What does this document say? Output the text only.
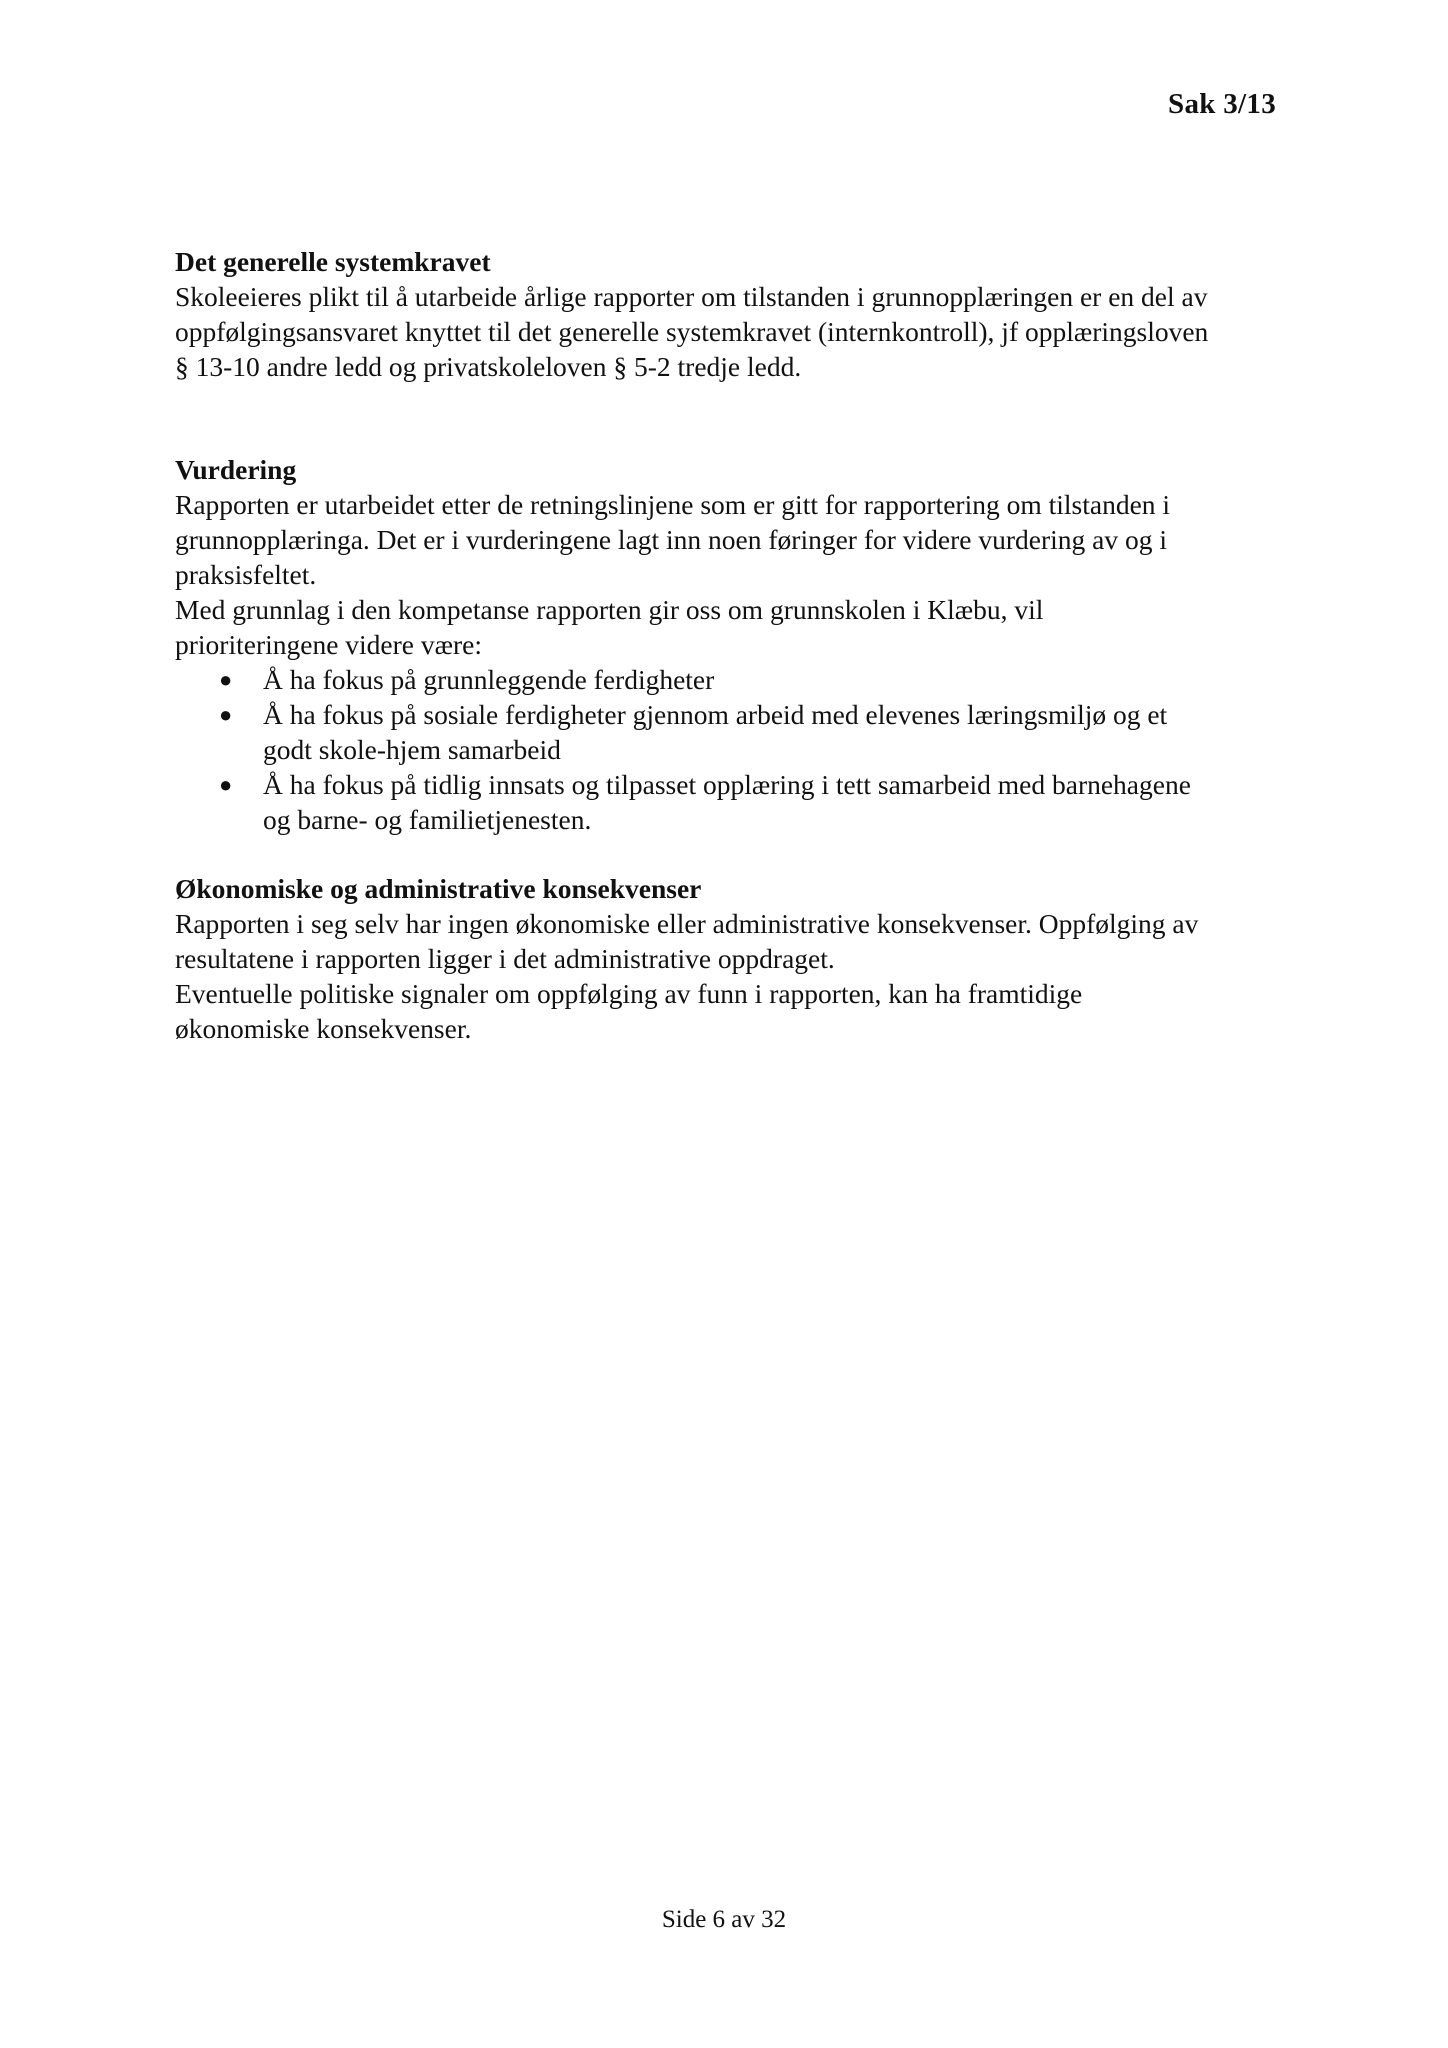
Sak 3/13
Det generelle systemkravet

Skoleeieres plikt til å utarbeide årlige rapporter om tilstanden i grunnopplæringen er en del av

oppfølgingsansvaret knyttet til det generelle systemkravet (internkontroll), jf opplæringsloven

§ 13-10 andre ledd og privatskoleloven § 5-2 tredje ledd.

Vurdering

Rapporten er utarbeidet etter de retningslinjene som er gitt for rapportering om tilstanden i

grunnopplæringa. Det er i vurderingene lagt inn noen føringer for videre vurdering av og i

praksisfeltet.

Med grunnlag i den kompetanse rapporten gir oss om grunnskolen i Klæbu, vil

prioriteringene videre være:

● Å ha fokus på grunnleggende ferdigheter
● Å ha fokus på sosiale ferdigheter gjennom arbeid med elevenes læringsmiljø og et
godt skole-hjem samarbeid
● Å ha fokus på tidlig innsats og tilpasset opplæring i tett samarbeid med barnehagene
og barne- og familietjenesten.
Økonomiske og administrative konsekvenser

Rapporten i seg selv har ingen økonomiske eller administrative konsekvenser. Oppfølging av

resultatene i rapporten ligger i det administrative oppdraget.

Eventuelle politiske signaler om oppfølging av funn i rapporten, kan ha framtidige

økonomiske konsekvenser.

Side 6 av 32
